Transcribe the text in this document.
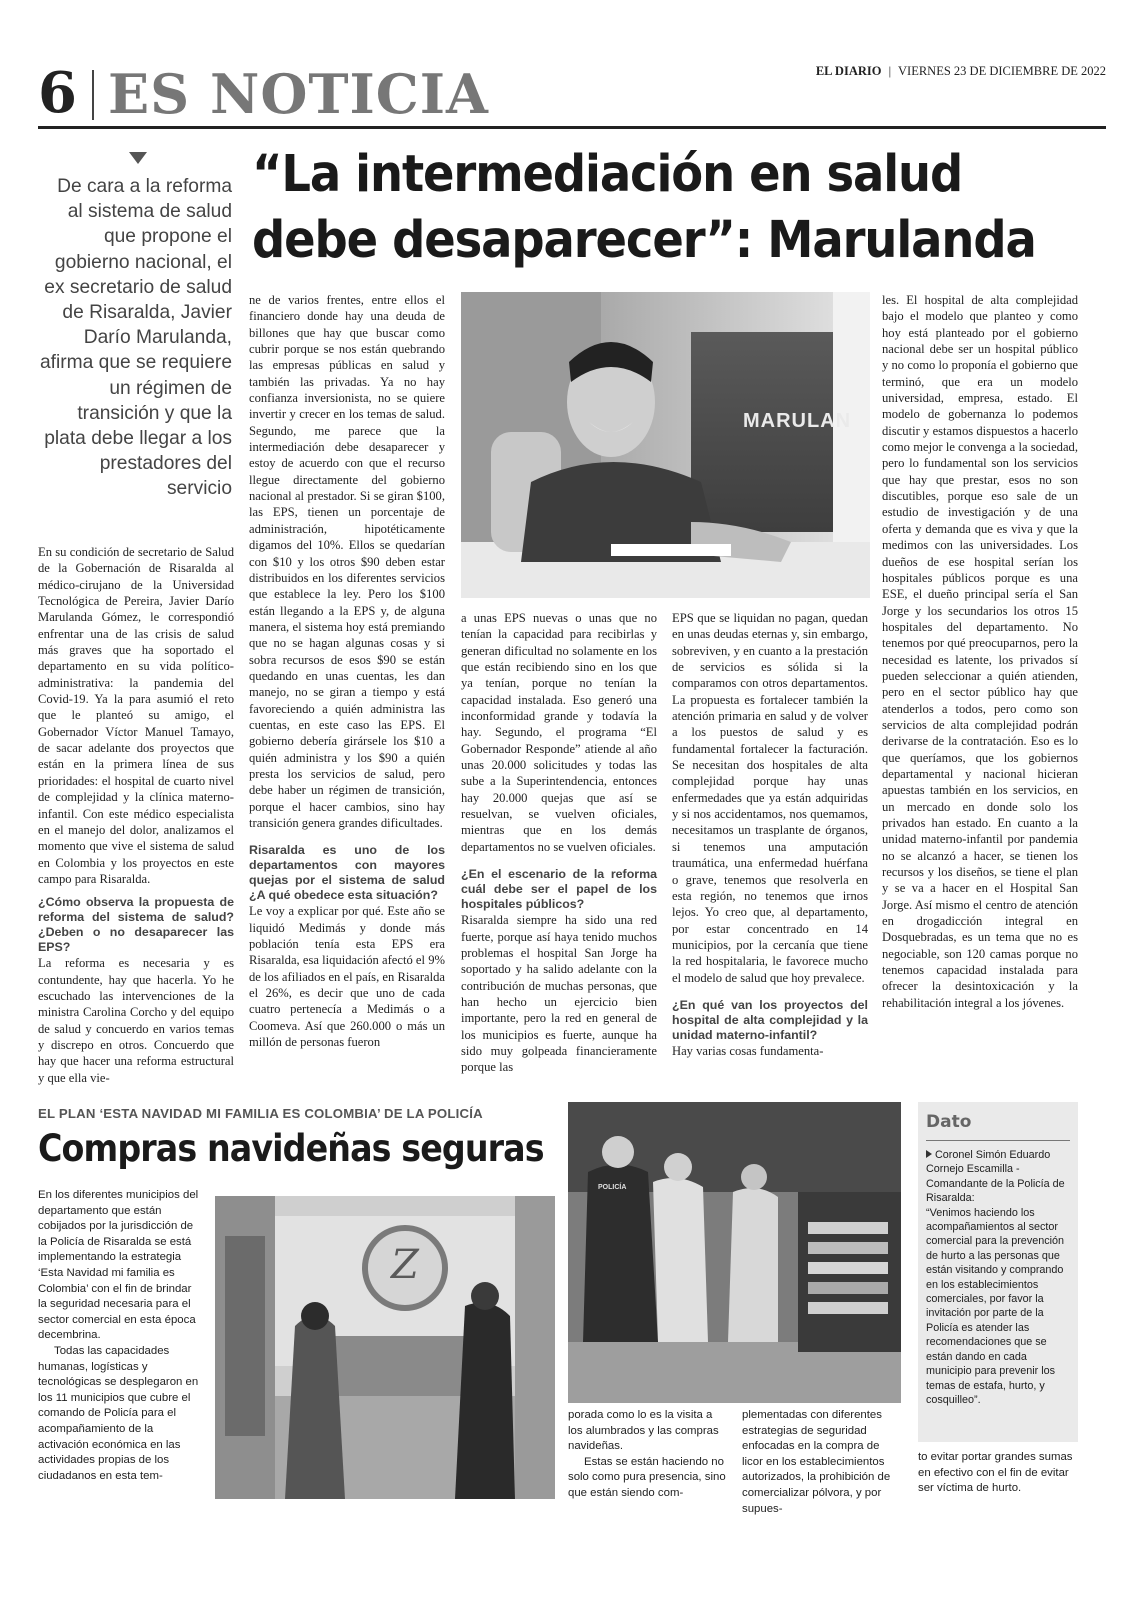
6 ES NOTICIA	EL DIARIO | VIERNES 23 DE DICIEMBRE DE 2022
De cara a la reforma al sistema de salud que propone el gobierno nacional, el ex secretario de salud de Risaralda, Javier Darío Marulanda, afirma que se requiere un régimen de transición y que la plata debe llegar a los prestadores del servicio
“La intermediación en salud
debe desaparecer”: Marulanda

En su condición de secretario de Salud de la Gobernación de Risaralda al médico-cirujano de la Universidad Tecnológica de Pereira, Javier Darío Marulanda Gómez, le correspondió enfrentar una de las crisis de salud más graves que ha soportado el departamento en su vida político-administrativa: la pandemia del Covid-19. Ya la para asumió el reto que le planteó su amigo, el Gobernador Víctor Manuel Tamayo, de sacar adelante dos proyectos que están en la primera línea de sus prioridades: el hospital de cuarto nivel de complejidad y la clínica materno-infantil. Con este médico especialista en el manejo del dolor, analizamos el momento que vive el sistema de salud en Colombia y los proyectos en este campo para Risaralda.

¿Cómo observa la propuesta de reforma del sistema de salud? ¿Deben o no desaparecer las EPS?

La reforma es necesaria y es contundente, hay que hacerla. Yo he escuchado las intervenciones de la ministra Carolina Corcho y del equipo de salud y concuerdo en varios temas y discrepo en otros. Concuerdo que hay que hacer una reforma estructural y que ella vie-

ne de varios frentes, entre ellos el financiero donde hay una deuda de billones que hay que buscar como cubrir porque se nos están quebrando las empresas públicas en salud y también las privadas. Ya no hay confianza inversionista, no se quiere invertir y crecer en los temas de salud. Segundo, me parece que la intermediación debe desaparecer y estoy de acuerdo con que el recurso llegue directamente del gobierno nacional al prestador. Si se giran $100, las EPS, tienen un porcentaje de administración, hipotéticamente digamos del 10%. Ellos se quedarían con $10 y los otros $90 deben estar distribuidos en los diferentes servicios que establece la ley. Pero los $100 están llegando a la EPS y, de alguna manera, el sistema hoy está premiando que no se hagan algunas cosas y si sobra recursos de esos $90 se están quedando en unas cuentas, les dan manejo, no se giran a tiempo y está favoreciendo a quién administra las cuentas, en este caso las EPS. El gobierno debería girársele los $10 a quién administra y los $90 a quién presta los servicios de salud, pero debe haber un régimen de transición, porque el hacer cambios, sino hay transición genera grandes dificultades.

Risaralda es uno de los departamentos con mayores quejas por el sistema de salud ¿A qué obedece esta situación?

Le voy a explicar por qué. Este año se liquidó Medimás y donde más población tenía esta EPS era Risaralda, esa liquidación afectó el 9% de los afiliados en el país, en Risaralda el 26%, es decir que uno de cada cuatro pertenecía a Medimás o a Coomeva. Así que 260.000 o más un millón de personas fueron

MARULAN

a unas EPS nuevas o unas que no tenían la capacidad para recibirlas y generan dificultad no solamente en los que están recibiendo sino en los que ya tenían, porque no tenían la capacidad instalada. Eso generó una inconformidad grande y todavía la hay. Segundo, el programa “El Gobernador Responde” atiende al año unas 20.000 solicitudes y todas las sube a la Superintendencia, entonces hay 20.000 quejas que así se resuelvan, se vuelven oficiales, mientras que en los demás departamentos no se vuelven oficiales.

¿En el escenario de la reforma cuál debe ser el papel de los hospitales públicos?

Risaralda siempre ha sido una red fuerte, porque así haya tenido muchos problemas el hospital San Jorge ha soportado y ha salido adelante con la contribución de muchas personas, que han hecho un ejercicio bien importante, pero la red en general de los municipios es fuerte, aunque ha sido muy golpeada financieramente porque las

EPS que se liquidan no pagan, quedan en unas deudas eternas y, sin embargo, sobreviven, y en cuanto a la prestación de servicios es sólida si la comparamos con otros departamentos. La propuesta es fortalecer también la atención primaria en salud y de volver a los puestos de salud y es fundamental fortalecer la facturación. Se necesitan dos hospitales de alta complejidad porque hay unas enfermedades que ya están adquiridas y si nos accidentamos, nos quemamos, necesitamos un trasplante de órganos, si tenemos una amputación traumática, una enfermedad huérfana o grave, tenemos que resolverla en esta región, no tenemos que irnos lejos. Yo creo que, al departamento, por estar concentrado en 14 municipios, por la cercanía que tiene la red hospitalaria, le favorece mucho el modelo de salud que hoy prevalece.

¿En qué van los proyectos del hospital de alta complejidad y la unidad materno-infantil?

Hay varias cosas fundamenta-

les. El hospital de alta complejidad bajo el modelo que planteo y como hoy está planteado por el gobierno nacional debe ser un hospital público y no como lo proponía el gobierno que terminó, que era un modelo universidad, empresa, estado. El modelo de gobernanza lo podemos discutir y estamos dispuestos a hacerlo como mejor le convenga a la sociedad, pero lo fundamental son los servicios que hay que prestar, esos no son discutibles, porque eso sale de un estudio de investigación y de una oferta y demanda que es viva y que la medimos con las universidades. Los dueños de ese hospital serían los hospitales públicos porque es una ESE, el dueño principal sería el San Jorge y los secundarios los otros 15 hospitales del departamento. No tenemos por qué preocuparnos, pero la necesidad es latente, los privados sí pueden seleccionar a quién atienden, pero en el sector público hay que atenderlos a todos, pero como son servicios de alta complejidad podrán derivarse de la contratación. Eso es lo que queríamos, que los gobiernos departamental y nacional hicieran apuestas también en los servicios, en un mercado en donde solo los privados han estado. En cuanto a la unidad materno-infantil por pandemia no se alcanzó a hacer, se tienen los recursos y los diseños, se tiene el plan y se va a hacer en el Hospital San Jorge. Así mismo el centro de atención en drogadicción integral en Dosquebradas, es un tema que no es negociable, son 120 camas porque no tenemos capacidad instalada para ofrecer la desintoxicación y la rehabilitación integral a los jóvenes.

EL PLAN ‘ESTA NAVIDAD MI FAMILIA ES COLOMBIA’ DE LA POLICÍA
Compras navideñas seguras

En los diferentes municipios del departamento que están cobijados por la jurisdicción de la Policía de Risaralda se está implementando la estrategia ‘Esta Navidad mi familia es Colombia’ con el fin de brindar la seguridad necesaria para el sector comercial en esta época decembrina.

Todas las capacidades humanas, logísticas y tecnológicas se desplegaron en los 11 municipios que cubre el comando de Policía para el acompañamiento de la activación económica en las actividades propias de los ciudadanos en esta tem-

Z
POLICÍA

porada como lo es la visita a los alumbrados y las compras navideñas.

Estas se están haciendo no solo como pura presencia, sino que están siendo com-

plementadas con diferentes estrategias de seguridad enfocadas en la compra de licor en los establecimientos autorizados, la prohibición de comercializar pólvora, y por supues-

Dato

Coronel Simón Eduardo Cornejo Escamilla - Comandante de la Policía de Risaralda:

“Venimos haciendo los acompañamientos al sector comercial para la prevención de hurto a las personas que están visitando y comprando en los establecimientos comerciales, por favor la invitación por parte de la Policía es atender las recomendaciones que se están dando en cada municipio para prevenir los temas de estafa, hurto, y cosquilleo”.

to evitar portar grandes sumas en efectivo con el fin de evitar ser víctima de hurto.
